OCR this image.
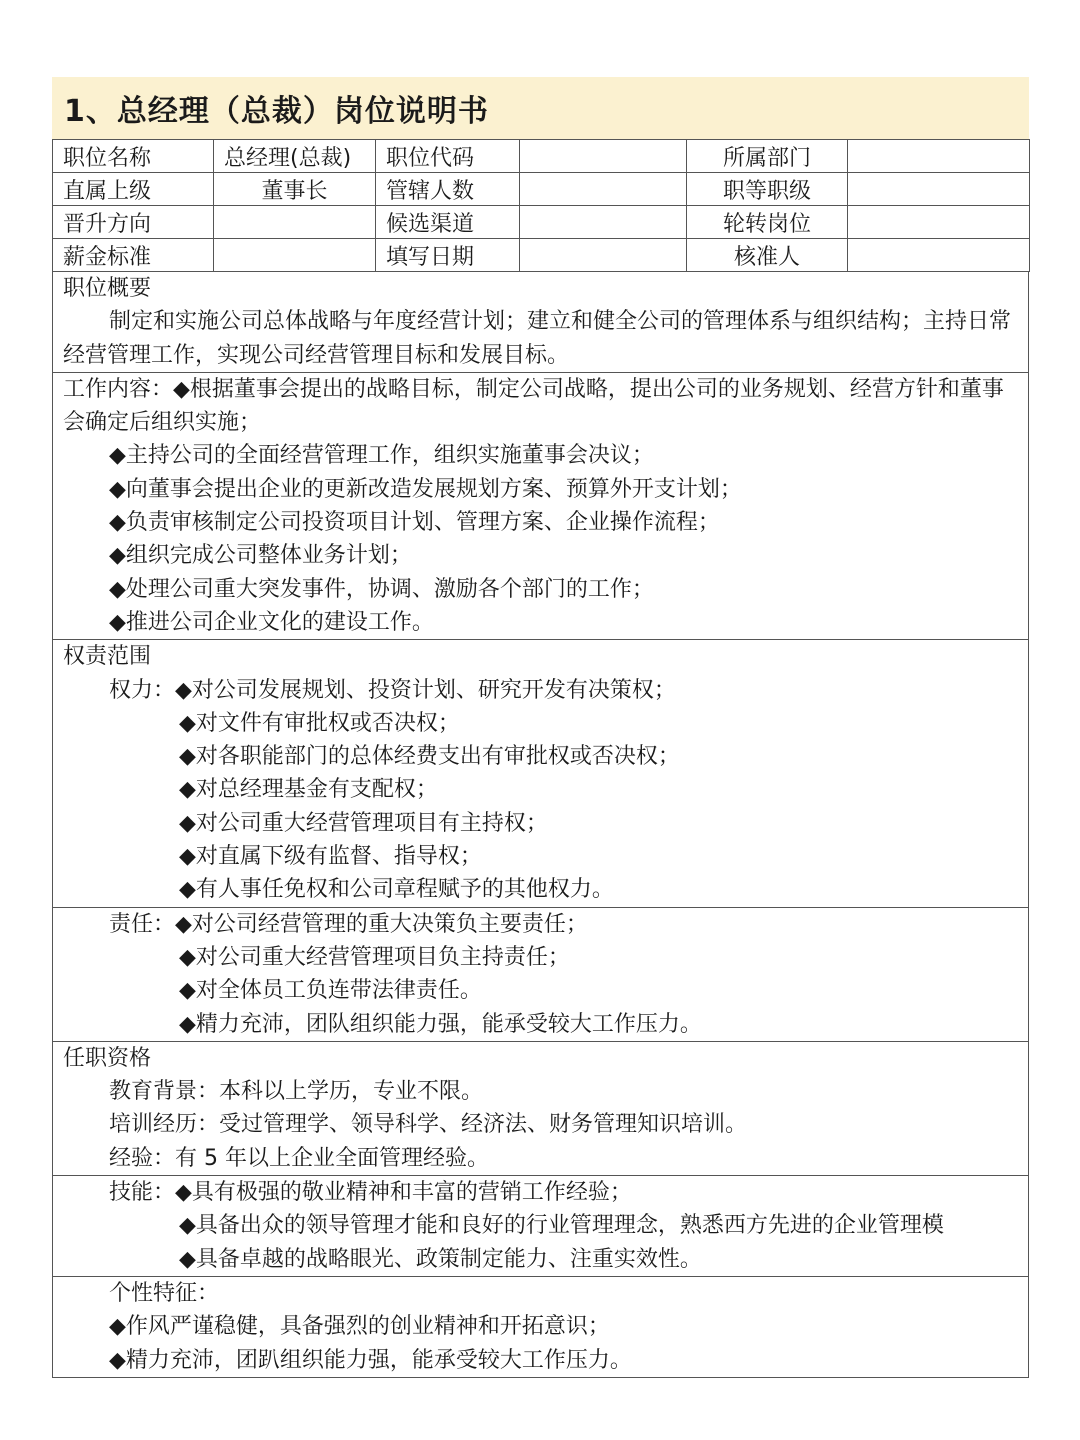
1、总经理（总裁）岗位说明书
职位名称	总经理(总裁)	职位代码		所属部门	
直属上级	董事长	管辖人数		职等职级	
晋升方向		候选渠道		轮转岗位	
薪金标准		填写日期		核准人	
职位概要
制定和实施公司总体战略与年度经营计划；建立和健全公司的管理体系与组织结构；主持日常经营管理工作，实现公司经营管理目标和发展目标。
工作内容：◆根据董事会提出的战略目标，制定公司战略，提出公司的业务规划、经营方针和董事会确定后组织实施；
◆主持公司的全面经营管理工作，组织实施董事会决议；
◆向董事会提出企业的更新改造发展规划方案、预算外开支计划；
◆负责审核制定公司投资项目计划、管理方案、企业操作流程；
◆组织完成公司整体业务计划；
◆处理公司重大突发事件，协调、激励各个部门的工作；
◆推进公司企业文化的建设工作。
权责范围
权力：◆对公司发展规划、投资计划、研究开发有决策权；
◆对文件有审批权或否决权；
◆对各职能部门的总体经费支出有审批权或否决权；
◆对总经理基金有支配权；
◆对公司重大经营管理项目有主持权；
◆对直属下级有监督、指导权；
◆有人事任免权和公司章程赋予的其他权力。
责任：◆对公司经营管理的重大决策负主要责任；
◆对公司重大经营管理项目负主持责任；
◆对全体员工负连带法律责任。
◆精力充沛，团队组织能力强，能承受较大工作压力。
任职资格
教育背景：本科以上学历，专业不限。
培训经历：受过管理学、领导科学、经济法、财务管理知识培训。
经验：有 5 年以上企业全面管理经验。
技能：◆具有极强的敬业精神和丰富的营销工作经验；
◆具备出众的领导管理才能和良好的行业管理理念，熟悉西方先进的企业管理模
◆具备卓越的战略眼光、政策制定能力、注重实效性。
个性特征：
◆作风严谨稳健，具备强烈的创业精神和开拓意识；
◆精力充沛，团趴组织能力强，能承受较大工作压力。
